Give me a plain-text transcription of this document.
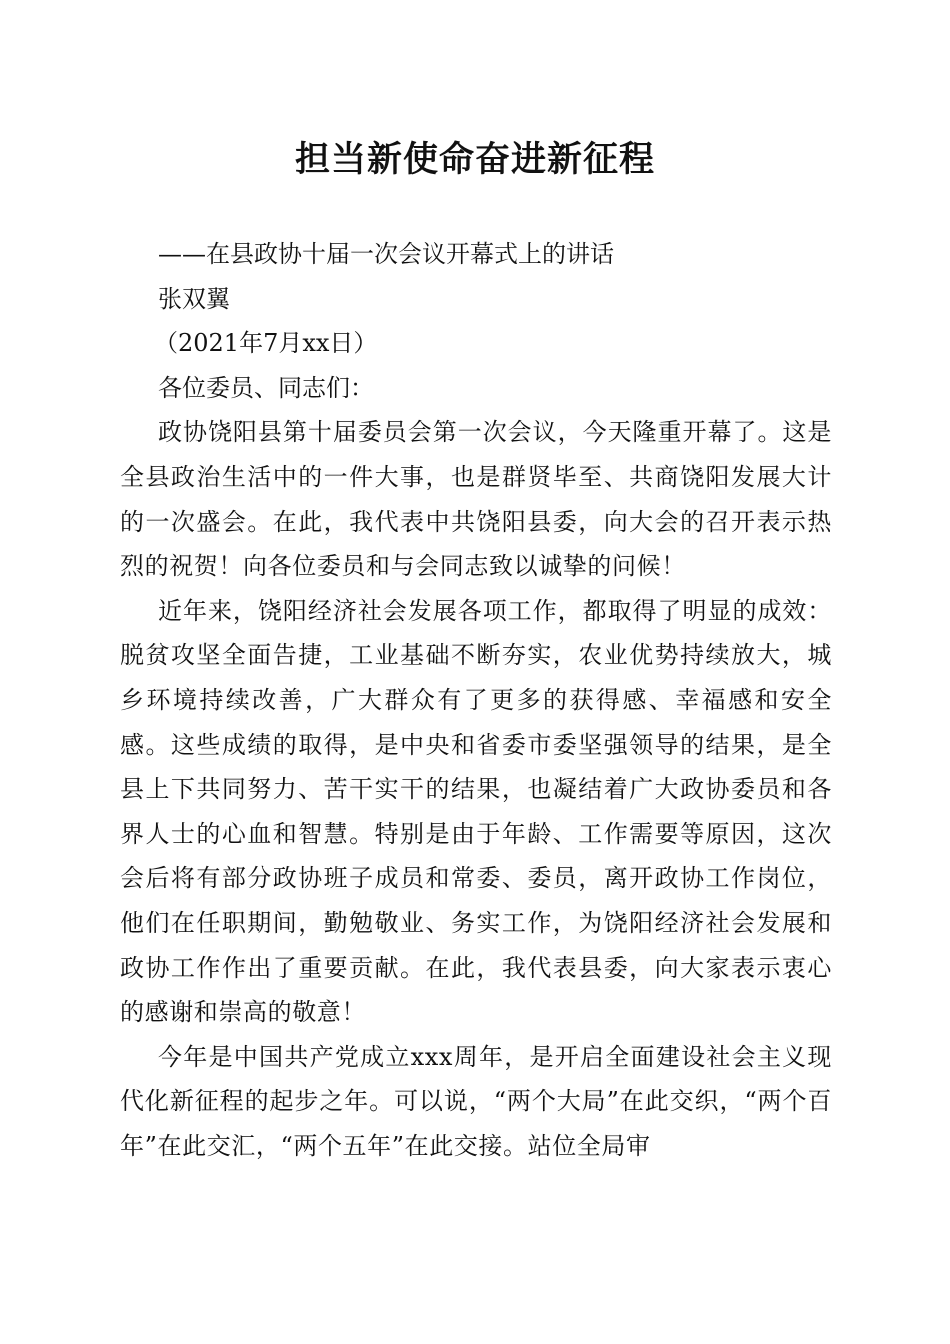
担当新使命奋进新征程
——在县政协十届一次会议开幕式上的讲话
张双翼
（2021年7月xx日）
各位委员、同志们：

政协饶阳县第十届委员会第一次会议，今天隆重开幕了。这是全县政治生活中的一件大事，也是群贤毕至、共商饶阳发展大计的一次盛会。在此，我代表中共饶阳县委，向大会的召开表示热烈的祝贺！向各位委员和与会同志致以诚挚的问候！

近年来，饶阳经济社会发展各项工作，都取得了明显的成效：脱贫攻坚全面告捷，工业基础不断夯实，农业优势持续放大，城乡环境持续改善，广大群众有了更多的获得感、幸福感和安全感。这些成绩的取得，是中央和省委市委坚强领导的结果，是全县上下共同努力、苦干实干的结果，也凝结着广大政协委员和各界人士的心血和智慧。特别是由于年龄、工作需要等原因，这次会后将有部分政协班子成员和常委、委员，离开政协工作岗位，他们在任职期间，勤勉敬业、务实工作，为饶阳经济社会发展和政协工作作出了重要贡献。在此，我代表县委，向大家表示衷心的感谢和崇高的敬意！

今年是中国共产党成立xxx周年，是开启全面建设社会主义现代化新征程的起步之年。可以说，“两个大局”在此交织，“两个百年”在此交汇，“两个五年”在此交接。站位全局审
